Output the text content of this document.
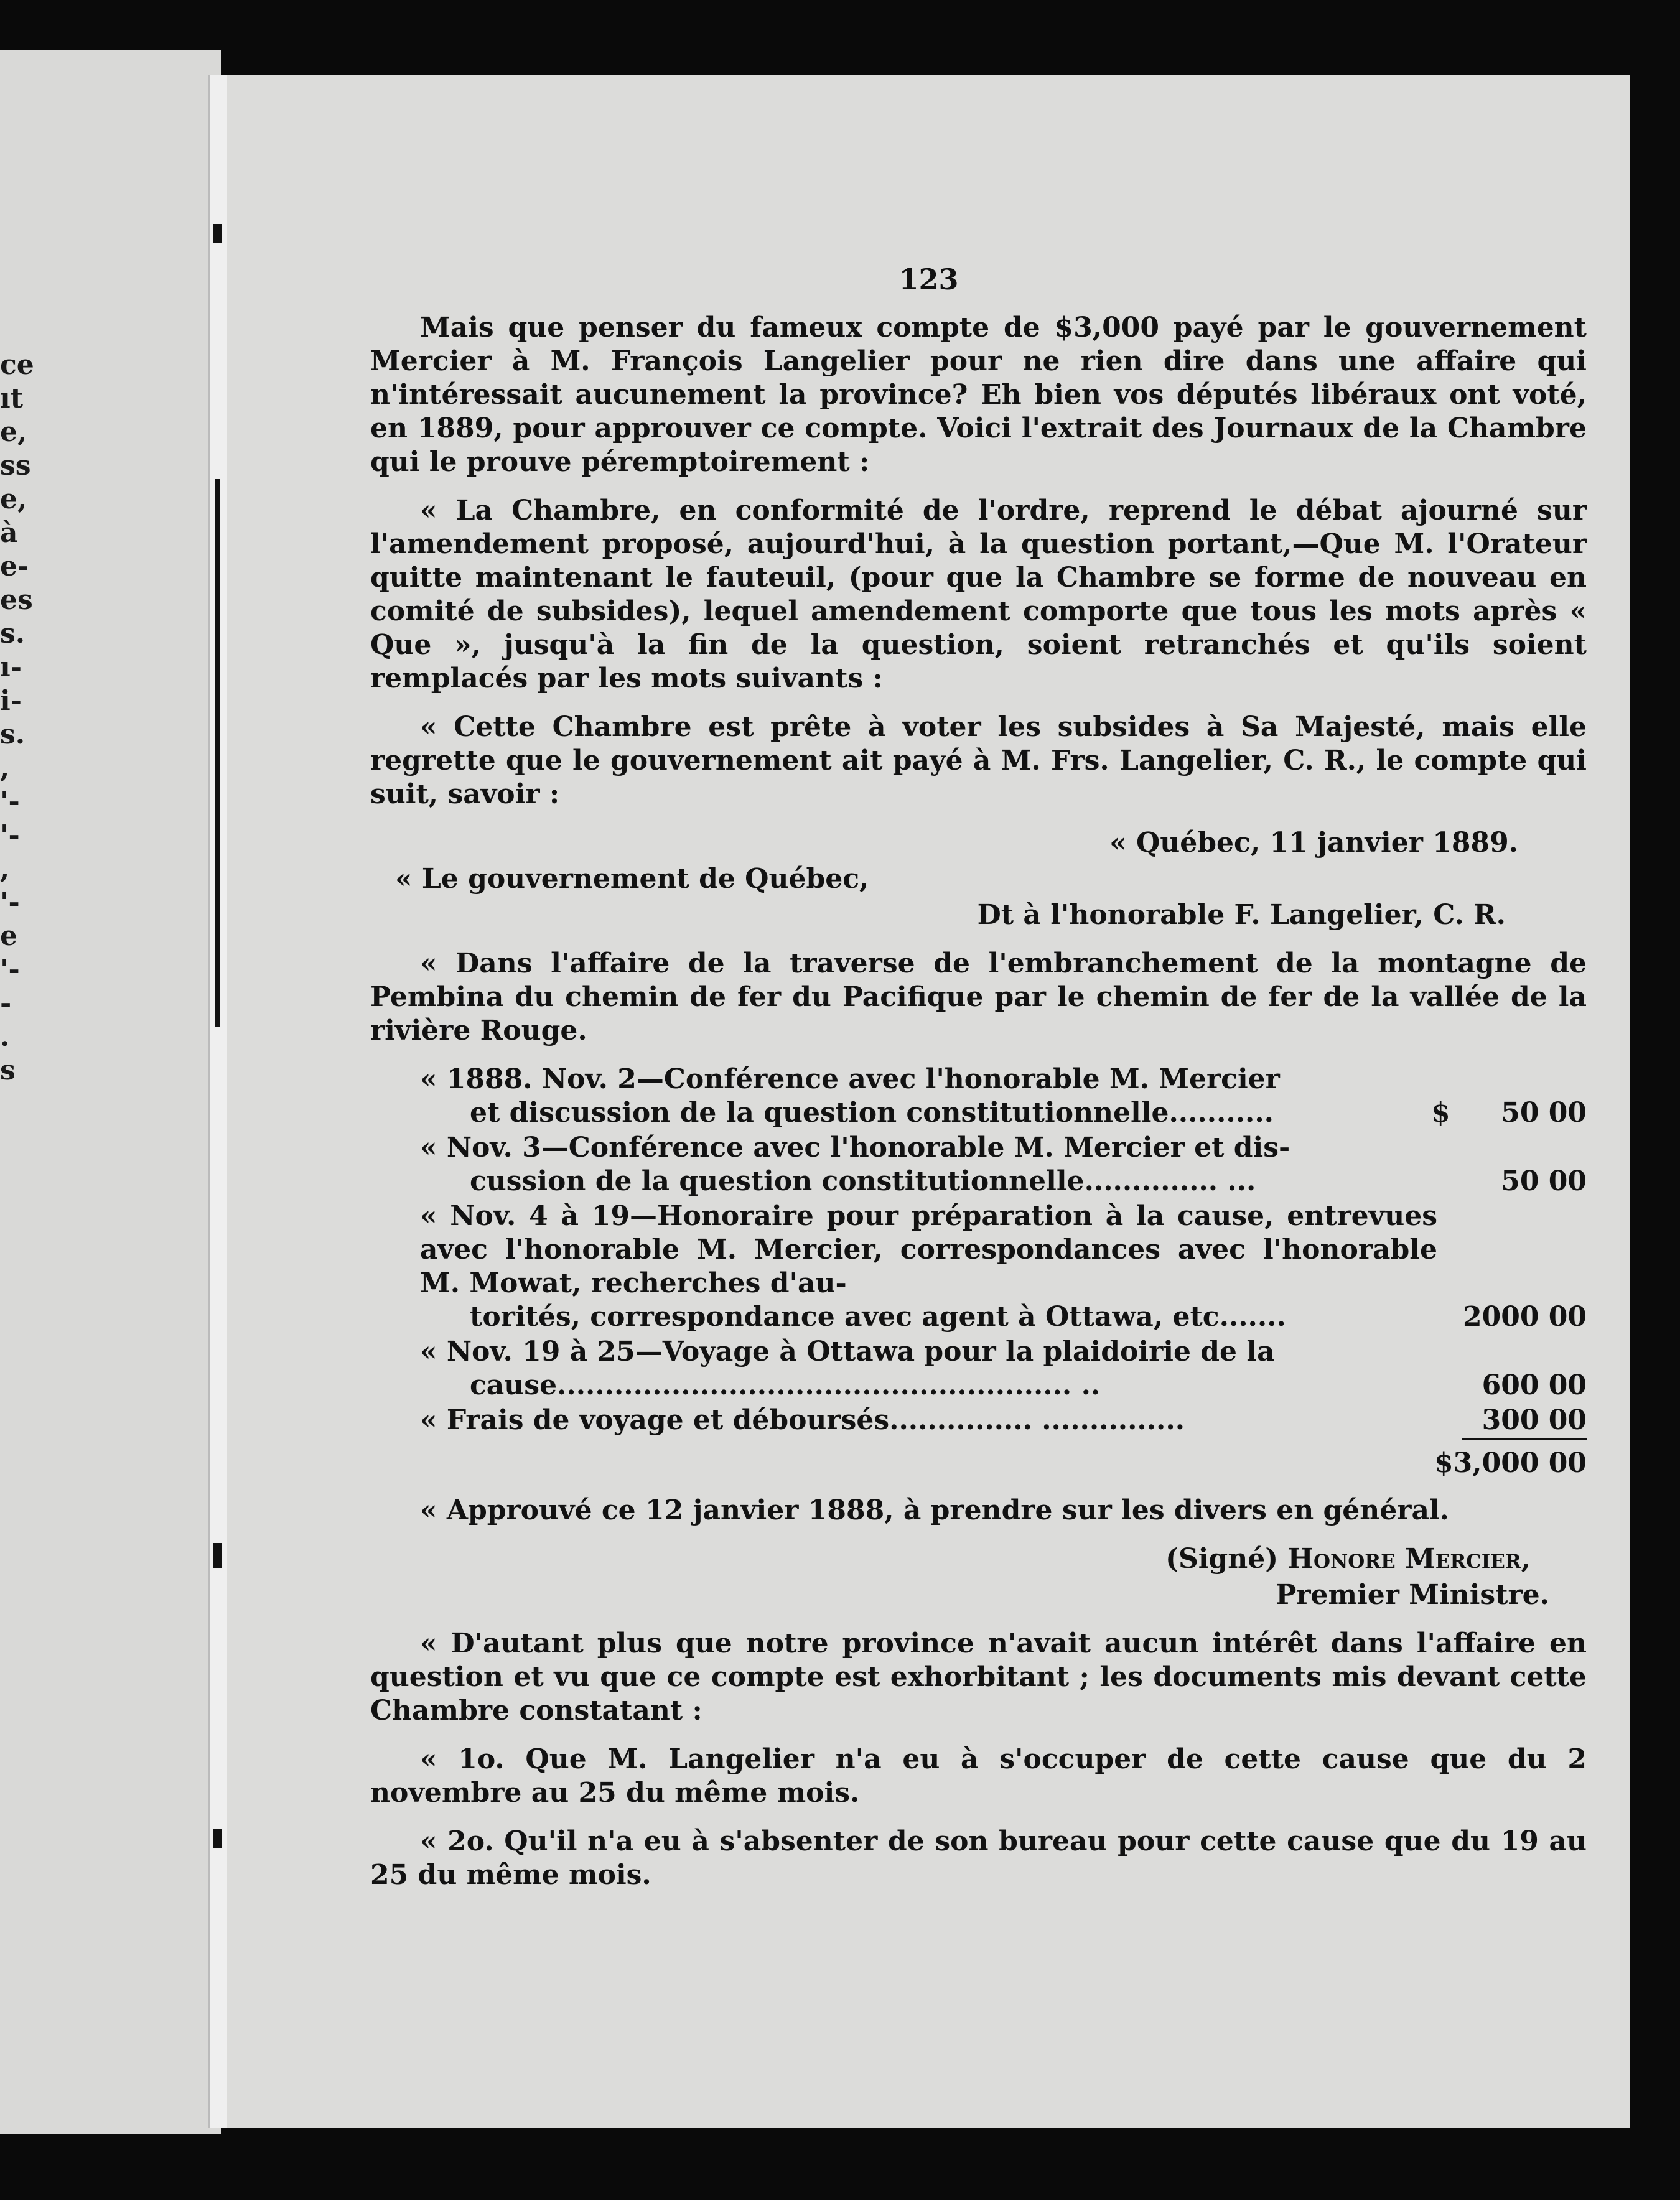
ce
ıt
e,
ss
e,
à
e-
es
s.
ı-
i-
s.
,
'-
'-
,
'-
e
'-
-
.
s
123

Mais que penser du fameux compte de $3,000 payé par le gouvernement Mercier à M. François Langelier pour ne rien dire dans une affaire qui n'intéressait aucunement la province? Eh bien vos députés libéraux ont voté, en 1889, pour approuver ce compte. Voici l'extrait des Journaux de la Chambre qui le prouve péremptoirement :

« La Chambre, en conformité de l'ordre, reprend le débat ajourné sur l'amendement proposé, aujourd'hui, à la question portant,—Que M. l'Orateur quitte maintenant le fauteuil, (pour que la Chambre se forme de nouveau en comité de subsides), lequel amendement comporte que tous les mots après « Que », jusqu'à la fin de la question, soient retranchés et qu'ils soient remplacés par les mots suivants :

« Cette Chambre est prête à voter les subsides à Sa Majesté, mais elle regrette que le gouvernement ait payé à M. Frs. Langelier, C. R., le compte qui suit, savoir :

« Québec, 11 janvier 1889.

« Le gouvernement de Québec,

Dt à l'honorable F. Langelier, C. R.

« Dans l'affaire de la traverse de l'embranchement de la montagne de Pembina du chemin de fer du Pacifique par le chemin de fer de la vallée de la rivière Rouge.

« 1888. Nov. 2—Conférence avec l'honorable M. Mercier
et discussion de la question constitutionnelle...........	$	50 00
« Nov. 3—Conférence avec l'honorable M. Mercier et dis-
cussion de la question constitutionnelle.............. ...	50 00
« Nov. 4 à 19—Honoraire pour préparation à la cause, entrevues avec l'honorable M. Mercier, correspondances avec l'honorable M. Mowat, recherches d'au-
torités, correspondance avec agent à Ottawa, etc.......	2000 00
« Nov. 19 à 25—Voyage à Ottawa pour la plaidoirie de la
cause...................................................... ..	600 00
« Frais de voyage et déboursés............... ...............	300 00
$3,000 00

« Approuvé ce 12 janvier 1888, à prendre sur les divers en général.

(Signé) Honore Mercier,

Premier Ministre.

« D'autant plus que notre province n'avait aucun intérêt dans l'affaire en question et vu que ce compte est exhorbitant ; les documents mis devant cette Chambre constatant :

« 1o. Que M. Langelier n'a eu à s'occuper de cette cause que du 2 novembre au 25 du même mois.

« 2o. Qu'il n'a eu à s'absenter de son bureau pour cette cause que du 19 au 25 du même mois.
